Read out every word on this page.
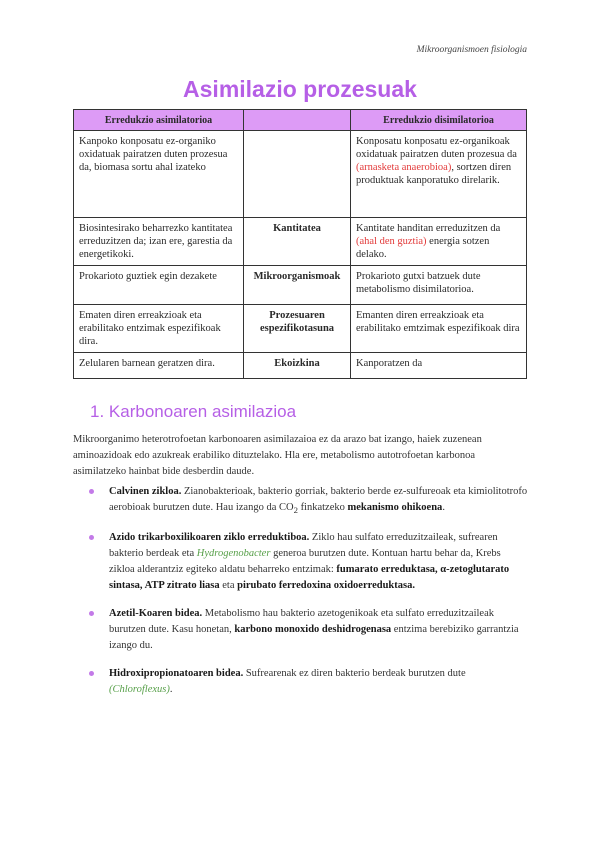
Mikroorganismoen fisiologia
Asimilazio prozesuak
Erredukzio asimilatorioa		Erredukzio disimilatorioa
Kanpoko konposatu ez-organiko oxidatuak pairatzen duten prozesua da, biomasa sortu ahal izateko		Konposatu konposatu ez-organikoak oxidatuak pairatzen duten prozesua da (arnasketa anaerobioa), sortzen diren produktuak kanporatuko direlarik.
Biosintesirako beharrezko kantitatea erreduzitzen da; izan ere, garestia da energetikoki.	Kantitatea	Kantitate handitan erreduzitzen da (ahal den guztia) energia sotzen delako.
Prokarioto guztiek egin dezakete	Mikroorganismoak	Prokarioto gutxi batzuek dute metabolismo disimilatorioa.
Ematen diren erreakzioak eta erabilitako entzimak espezifikoak dira.	Prozesuaren espezifikotasuna	Emanten diren erreakzioak eta erabilitako emtzimak espezifikoak dira
Zelularen barnean geratzen dira.	Ekoizkina	Kanporatzen da
1. Karbonoaren asimilazioa
Mikroorganimo heterotrofoetan karbonoaren asimilazaioa ez da arazo bat izango, haiek zuzenean aminoazidoak edo azukreak erabiliko dituztelako. Hla ere, metabolismo autotrofoetan karbonoa asimilatzeko hainbat bide desberdin daude.
Calvinen zikloa. Zianobakterioak, bakterio gorriak, bakterio berde ez-sulfureoak eta kimiolitotrofo aerobioak burutzen dute. Hau izango da $CO_2$ finkatzeko mekanismo ohikoena.
Azido trikarboxilikoaren ziklo erreduktiboa. Ziklo hau sulfato erreduzitzaileak, sufrearen bakterio berdeak eta Hydrogenobacter generoa burutzen dute. Kontuan hartu behar da, Krebs zikloa alderantziz egiteko aldatu beharreko entzimak: fumarato erreduktasa, α-zetoglutarato sintasa, ATP zitrato liasa eta pirubato ferredoxina oxidoerreduktasa.
Azetil-Koaren bidea. Metabolismo hau bakterio azetogenikoak eta sulfato erreduzitzaileak burutzen dute. Kasu honetan, karbono monoxido deshidrogenasa entzima berebiziko garrantzia izango du.
Hidroxipropionatoaren bidea. Sufrearenak ez diren bakterio berdeak burutzen dute (Chloroflexus).
